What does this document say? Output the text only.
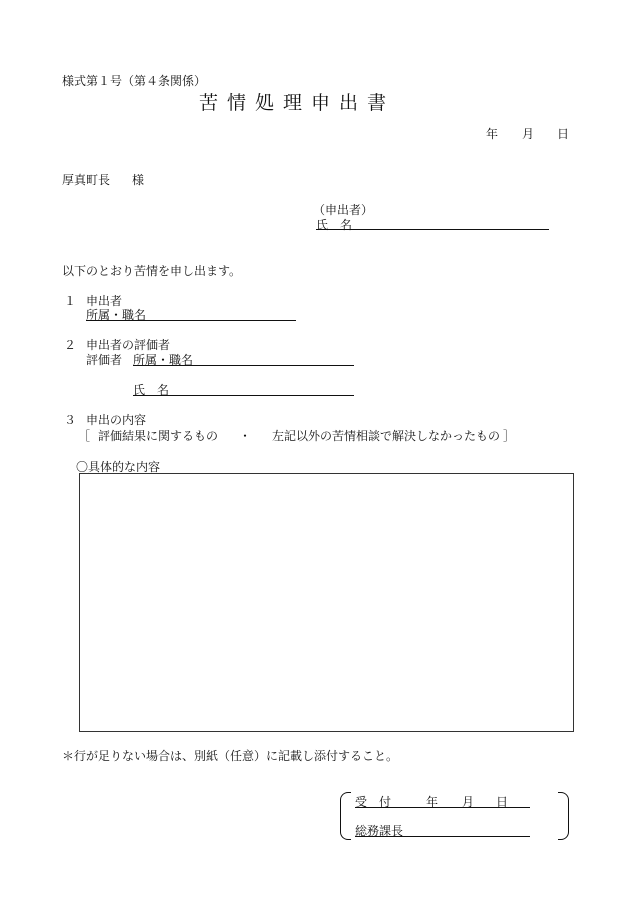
様式第１号（第４条関係）
苦情処理申出書
年 月 日
厚真町長 様
（申出者）
氏　名
以下のとおり苦情を申し出ます。
１ 申出者
所属・職名
２ 申出者の評価者
評価者 所属・職名
氏　名
３ 申出の内容
［ 評価結果に関するもの ・ 左記以外の苦情相談で解決しなかったもの ］
〇具体的な内容
＊行が足りない場合は、別紙（任意）に記載し添付すること。
受　付	年 月 日
総務課長
